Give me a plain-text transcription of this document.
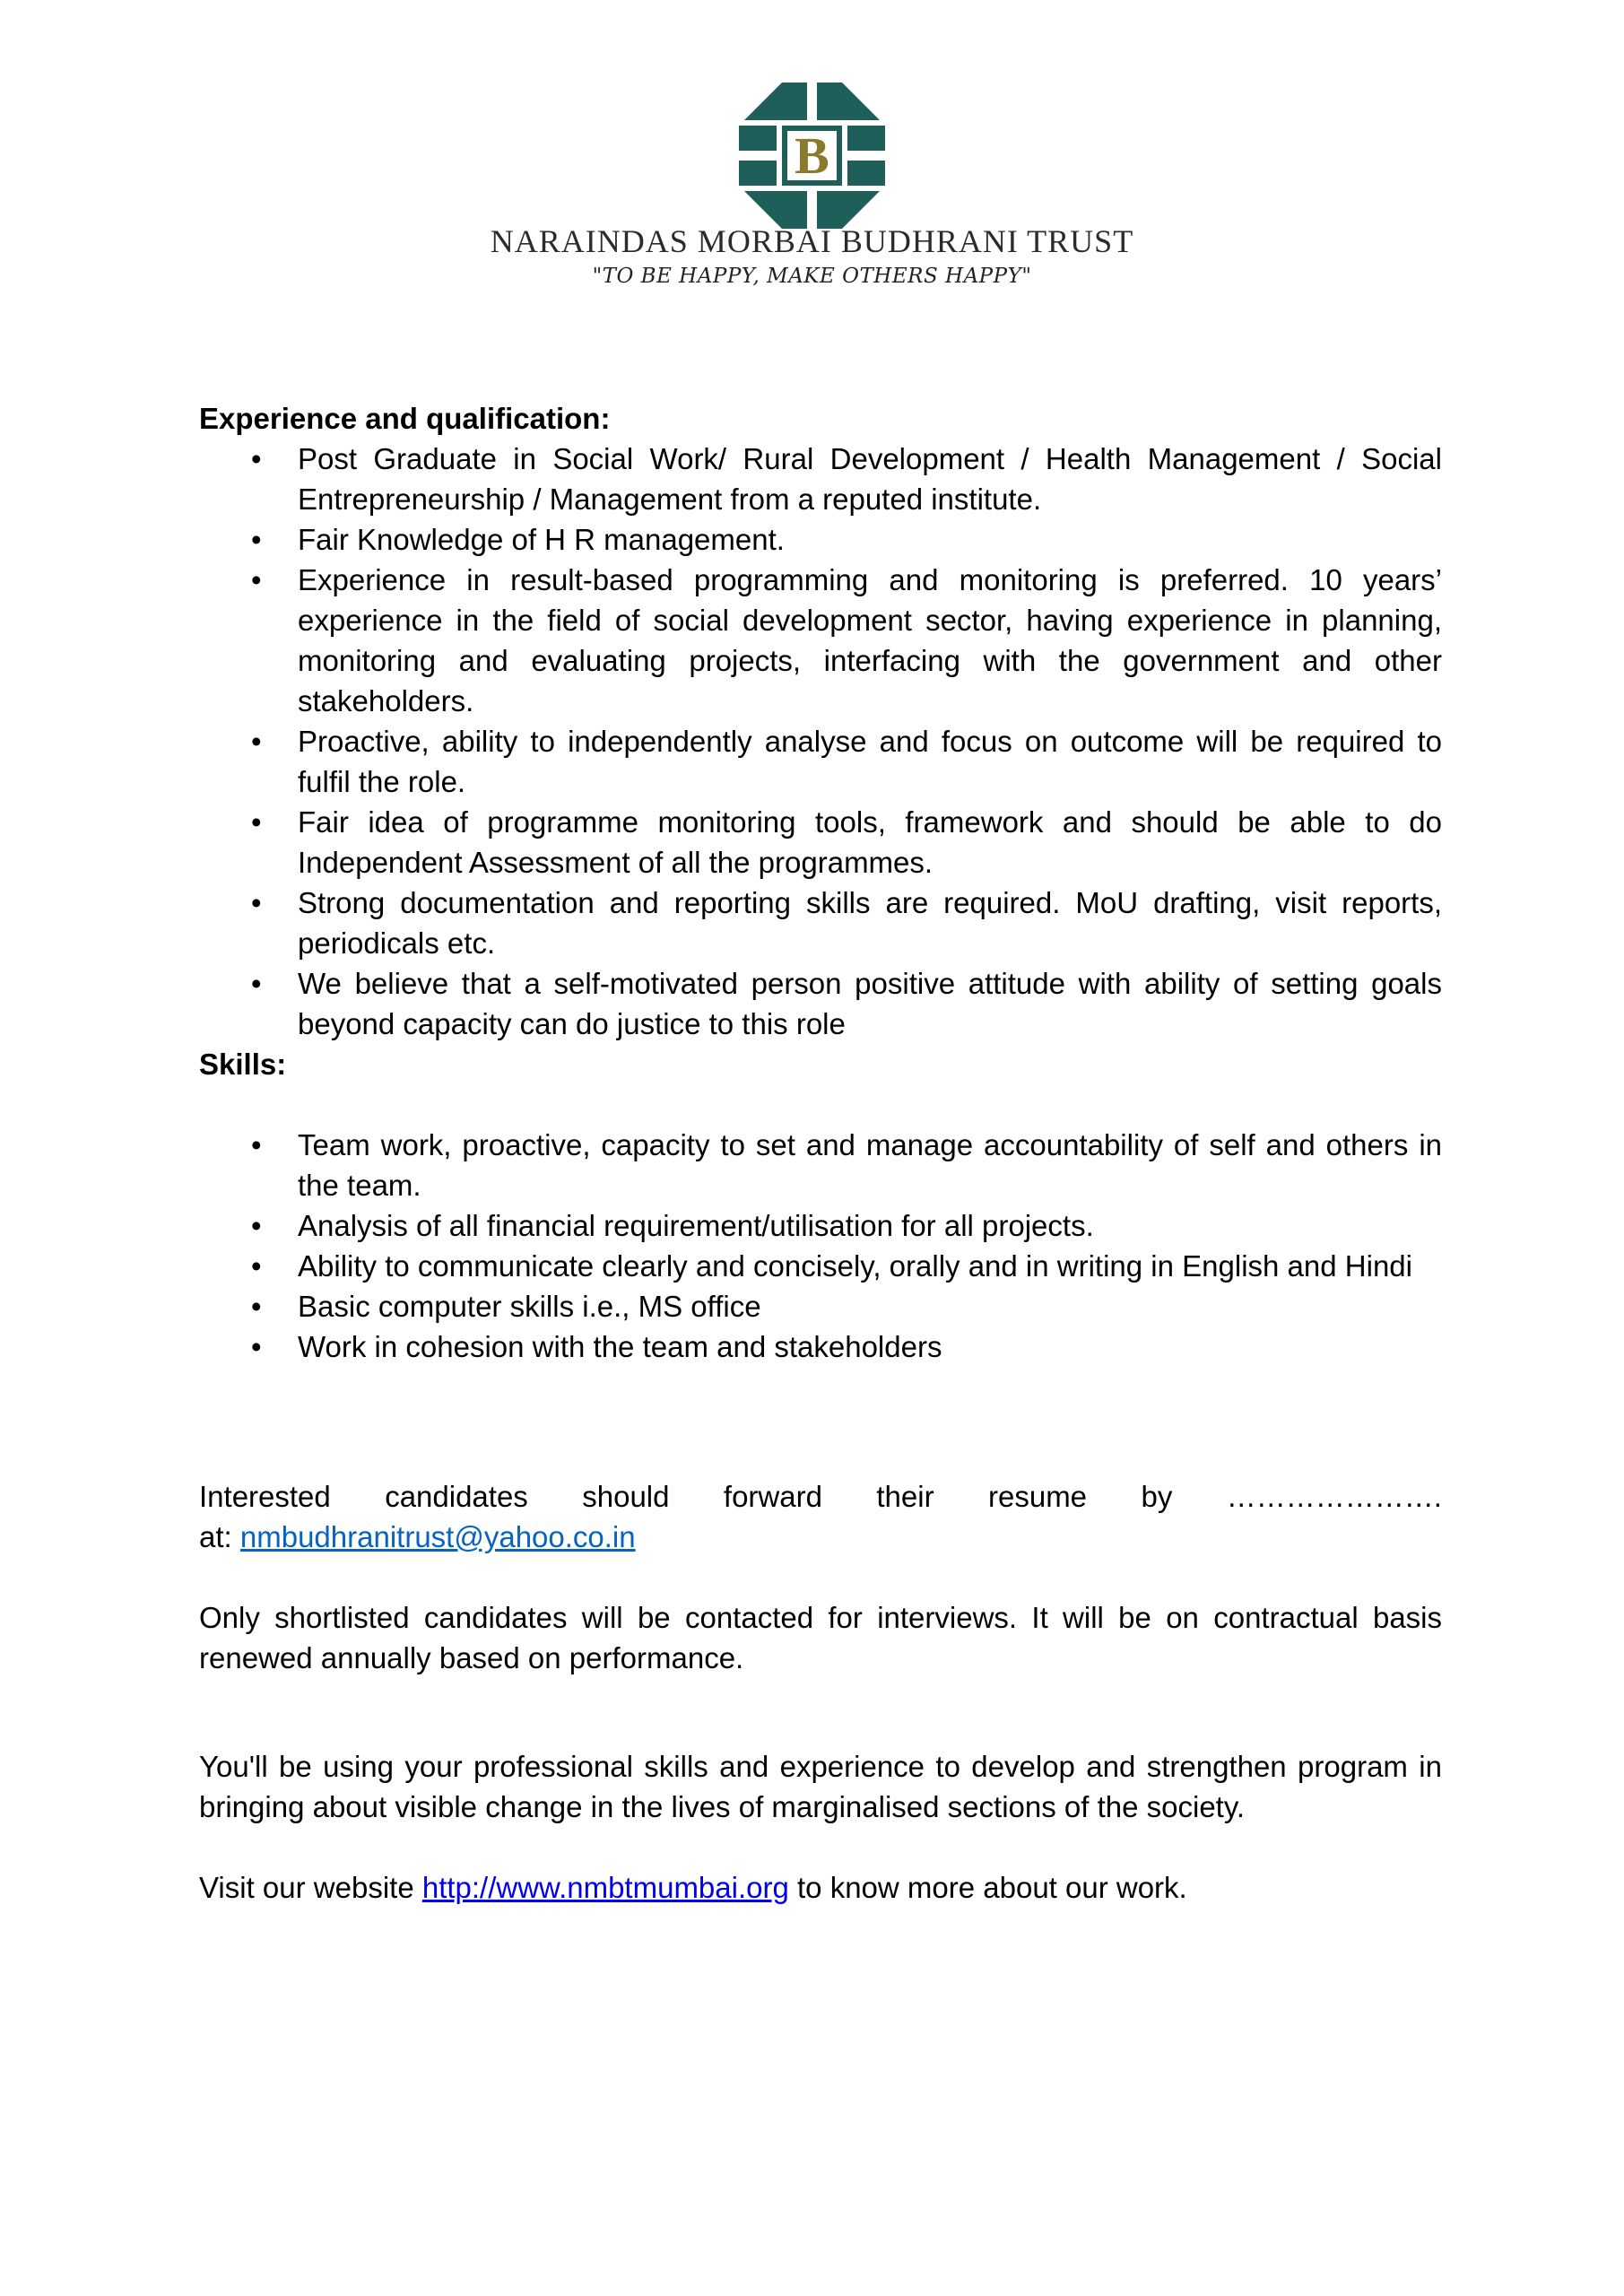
B
NARAINDAS MORBAI BUDHRANI TRUST
"TO BE HAPPY, MAKE OTHERS HAPPY"

Experience and qualification:

• Post Graduate in Social Work/ Rural Development / Health Management / Social Entrepreneurship / Management from a reputed institute.
• Fair Knowledge of H R management.
• Experience in result-based programming and monitoring is preferred. 10 years’ experience in the field of social development sector, having experience in planning, monitoring and evaluating projects, interfacing with the government and other stakeholders.
• Proactive, ability to independently analyse and focus on outcome will be required to fulfil the role.
• Fair idea of programme monitoring tools, framework and should be able to do Independent Assessment of all the programmes.
• Strong documentation and reporting skills are required. MoU drafting, visit reports, periodicals etc.
• We believe that a self-motivated person positive attitude with ability of setting goals beyond capacity can do justice to this role

Skills:

• Team work, proactive, capacity to set and manage accountability of self and others in the team.
• Analysis of all financial requirement/utilisation for all projects.
• Ability to communicate clearly and concisely, orally and in writing in English and Hindi
• Basic computer skills i.e., MS office
• Work in cohesion with the team and stakeholders
Interested candidates should forward their resume by ………………….
at: nmbudhranitrust@yahoo.co.in

Only shortlisted candidates will be contacted for interviews. It will be on contractual basis renewed annually based on performance.

You'll be using your professional skills and experience to develop and strengthen program in bringing about visible change in the lives of marginalised sections of the society.

Visit our website http://www.nmbtmumbai.org to know more about our work.
